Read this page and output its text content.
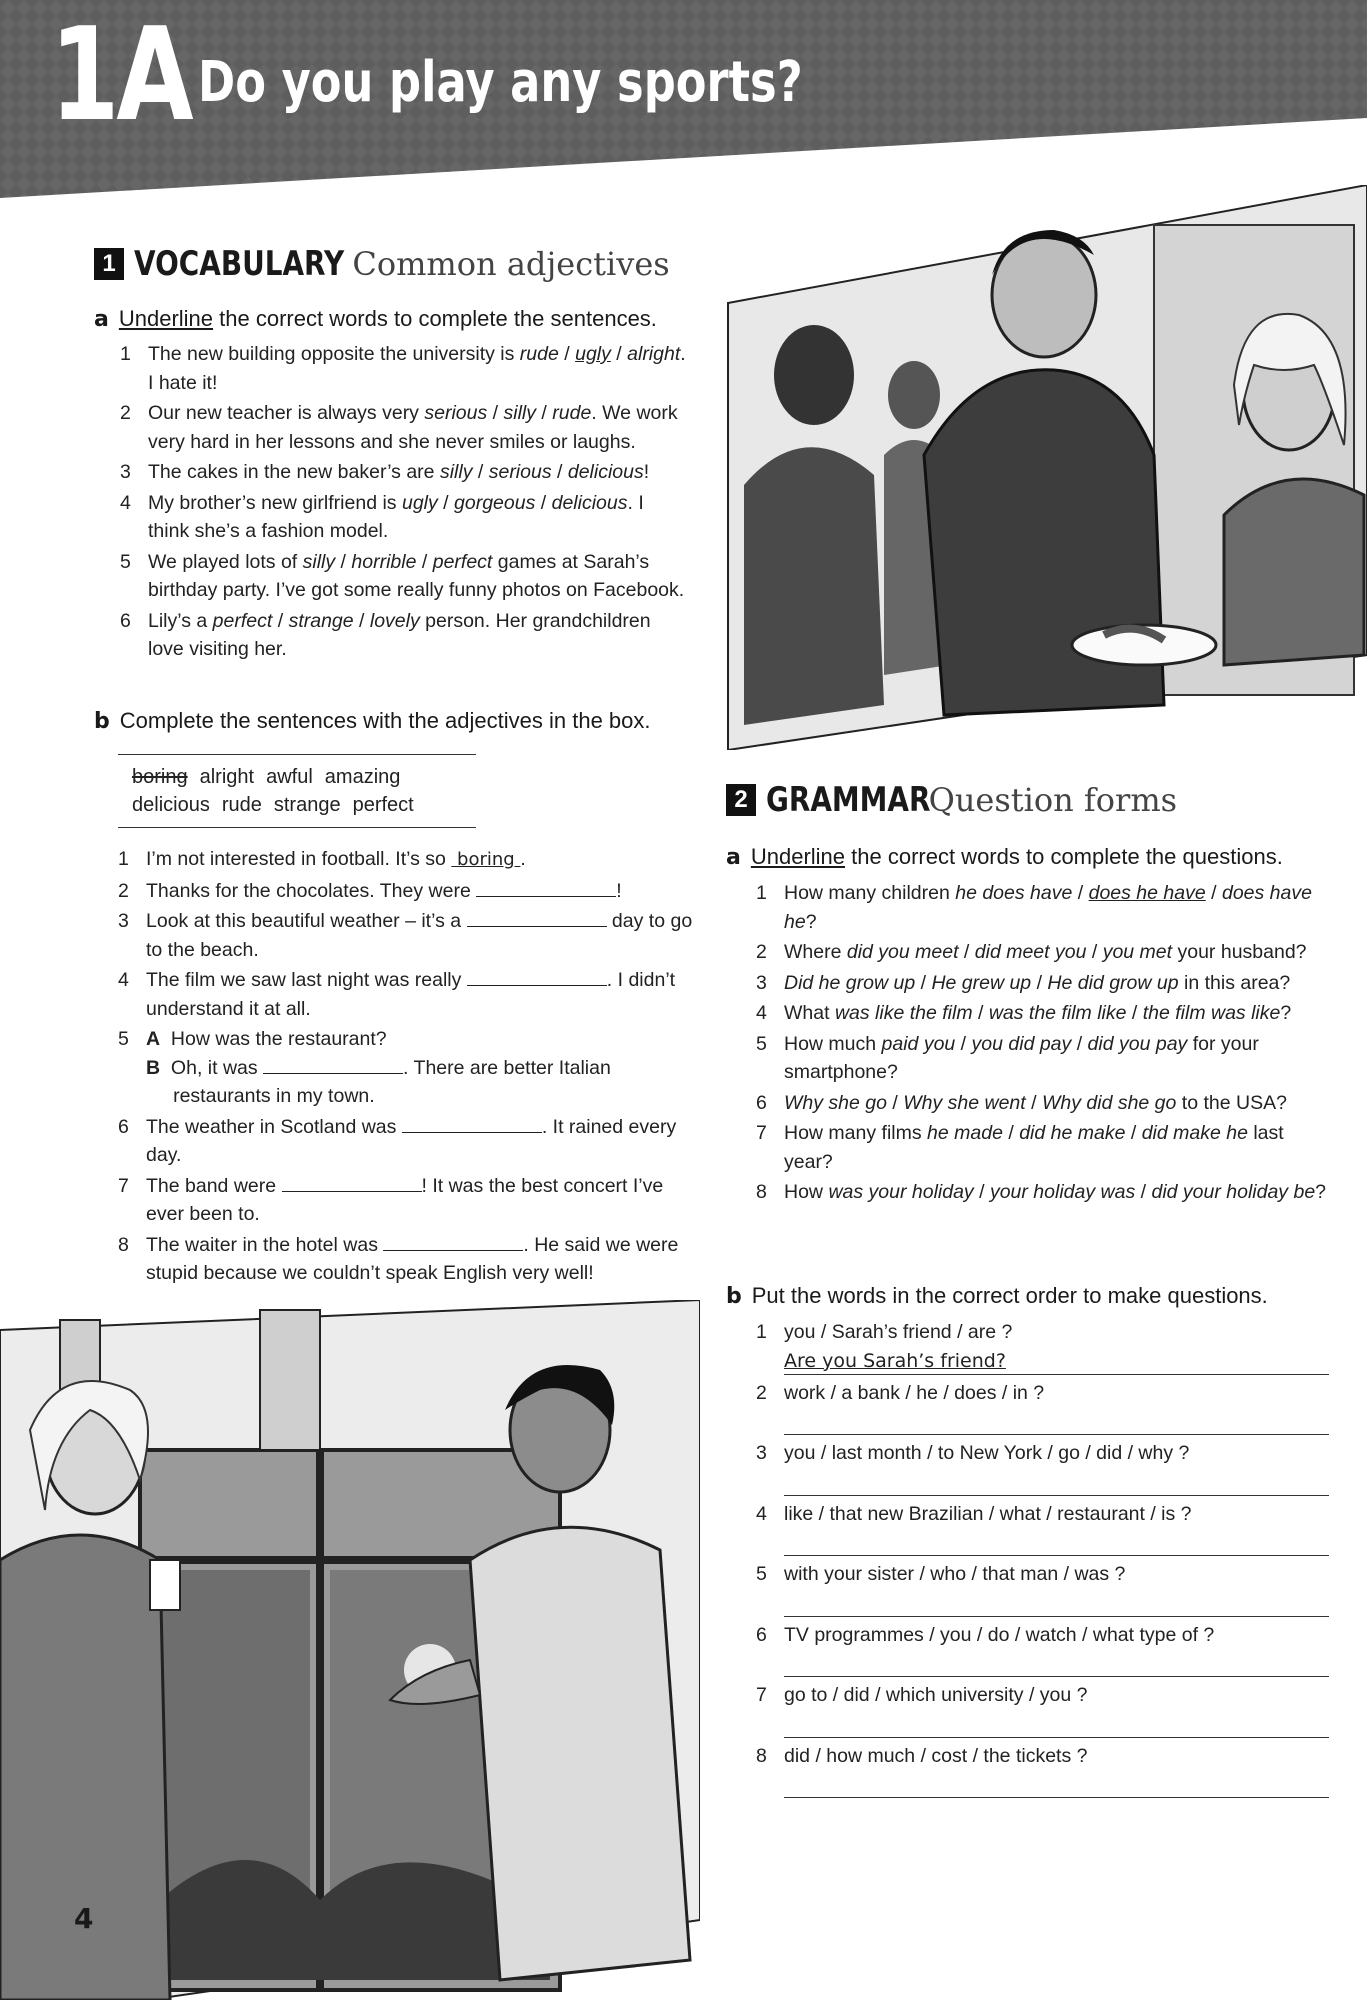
1A Do you play any sports?
1 VOCABULARY Common adjectives
a Underline the correct words to complete the sentences.
1 The new building opposite the university is rude / ugly / alright. I hate it!
2 Our new teacher is always very serious / silly / rude. We work very hard in her lessons and she never smiles or laughs.
3 The cakes in the new baker’s are silly / serious / delicious!
4 My brother’s new girlfriend is ugly / gorgeous / delicious. I think she’s a fashion model.
5 We played lots of silly / horrible / perfect games at Sarah’s birthday party. I’ve got some really funny photos on Facebook.
6 Lily’s a perfect / strange / lovely person. Her grandchildren love visiting her.
b Complete the sentences with the adjectives in the box.
boring alright awful amazing
delicious rude strange perfect
1 I’m not interested in football. It’s so  boring .
2 Thanks for the chocolates. They were	!
3 Look at this beautiful weather – it’s a	day to go to the beach.
4 The film we saw last night was really	. I didn’t understand it at all.
5 A  How was the restaurant?
B  Oh, it was	. There are better Italian
restaurants in my town.
6 The weather in Scotland was	. It rained every day.
7 The band were	! It was the best concert I’ve ever been to.
8 The waiter in the hotel was	. He said we were stupid because we couldn’t speak English very well!
2 GRAMMAR
Question forms
a Underline the correct words to complete the questions.
1 How many children he does have / does he have / does have he?
2 Where did you meet / did meet you / you met your husband?
3 Did he grow up / He grew up / He did grow up in this area?
4 What was like the film / was the film like / the film was like?
5 How much paid you / you did pay / did you pay for your smartphone?
6 Why she go / Why she went / Why did she go to the USA?
7 How many films he made / did he make / did make he last year?
8 How was your holiday / your holiday was / did your holiday be?
b Put the words in the correct order to make questions.
1 you / Sarah’s friend / are ?
Are you Sarah’s friend?
2 work / a bank / he / does / in ?
3 you / last month / to New York / go / did / why ?
4 like / that new Brazilian / what / restaurant / is ?
5 with your sister / who / that man / was ?
6 TV programmes / you / do / watch / what type of ?
7 go to / did / which university / you ?
8 did / how much / cost / the tickets ?
4
